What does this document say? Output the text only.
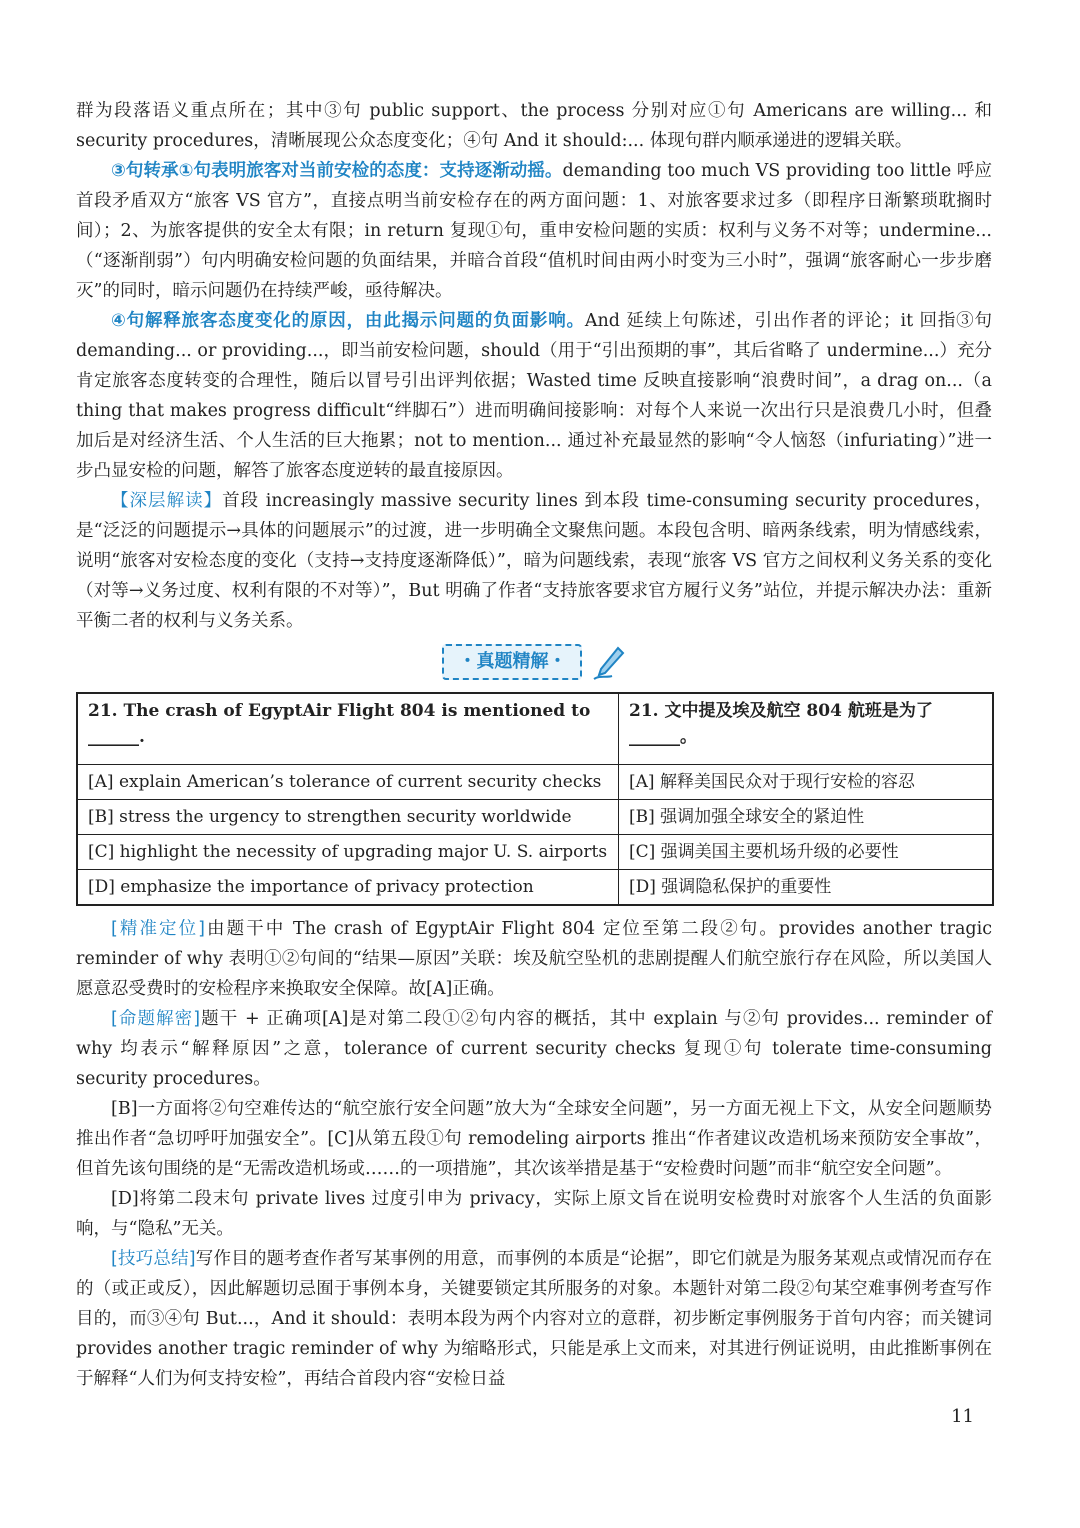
群为段落语义重点所在；其中③句 public support、the process 分别对应①句 Americans are willing... 和 security procedures，清晰展现公众态度变化；④句 And it should:... 体现句群内顺承递进的逻辑关联。

③句转承①句表明旅客对当前安检的态度：支持逐渐动摇。demanding too much VS providing too little 呼应首段矛盾双方“旅客 VS 官方”，直接点明当前安检存在的两方面问题：1、对旅客要求过多（即程序日渐繁琐耽搁时间）；2、为旅客提供的安全太有限；in return 复现①句，重申安检问题的实质：权利与义务不对等；undermine...（“逐渐削弱”）句内明确安检问题的负面结果，并暗合首段“值机时间由两小时变为三小时”，强调“旅客耐心一步步磨灭”的同时，暗示问题仍在持续严峻，亟待解决。

④句解释旅客态度变化的原因，由此揭示问题的负面影响。And 延续上句陈述，引出作者的评论；it 回指③句 demanding... or providing...，即当前安检问题，should（用于“引出预期的事”，其后省略了 undermine...）充分肯定旅客态度转变的合理性，随后以冒号引出评判依据；Wasted time 反映直接影响“浪费时间”，a drag on...（a thing that makes progress difficult“绊脚石”）进而明确间接影响：对每个人来说一次出行只是浪费几小时，但叠加后是对经济生活、个人生活的巨大拖累；not to mention... 通过补充最显然的影响“令人恼怒（infuriating）”进一步凸显安检的问题，解答了旅客态度逆转的最直接原因。

【深层解读】首段 increasingly massive security lines 到本段 time-consuming security procedures，是“泛泛的问题提示→具体的问题展示”的过渡，进一步明确全文聚焦问题。本段包含明、暗两条线索，明为情感线索，说明“旅客对安检态度的变化（支持→支持度逐渐降低）”，暗为问题线索，表现“旅客 VS 官方之间权利义务关系的变化（对等→义务过度、权利有限的不对等）”，But 明确了作者“支持旅客要求官方履行义务”站位，并提示解决办法：重新平衡二者的权利与义务关系。

・真题精解・
21. The crash of EgyptAir Flight 804 is mentioned to ______.	21. 文中提及埃及航空 804 航班是为了______。
[A] explain American’s tolerance of current security checks	[A] 解释美国民众对于现行安检的容忍
[B] stress the urgency to strengthen security worldwide	[B] 强调加强全球安全的紧迫性
[C] highlight the necessity of upgrading major U. S. airports	[C] 强调美国主要机场升级的必要性
[D] emphasize the importance of privacy protection	[D] 强调隐私保护的重要性

[精准定位]由题干中 The crash of EgyptAir Flight 804 定位至第二段②句。provides another tragic reminder of why 表明①②句间的“结果—原因”关联：埃及航空坠机的悲剧提醒人们航空旅行存在风险，所以美国人愿意忍受费时的安检程序来换取安全保障。故[A]正确。

[命题解密]题干 + 正确项[A]是对第二段①②句内容的概括，其中 explain 与②句 provides... reminder of why 均表示“解释原因”之意，tolerance of current security checks 复现①句 tolerate time-consuming security procedures。

[B]一方面将②句空难传达的“航空旅行安全问题”放大为“全球安全问题”，另一方面无视上下文，从安全问题顺势推出作者“急切呼吁加强安全”。[C]从第五段①句 remodeling airports 推出“作者建议改造机场来预防安全事故”，但首先该句围绕的是“无需改造机场或……的一项措施”，其次该举措是基于“安检费时问题”而非“航空安全问题”。

[D]将第二段末句 private lives 过度引申为 privacy，实际上原文旨在说明安检费时对旅客个人生活的负面影响，与“隐私”无关。

[技巧总结]写作目的题考查作者写某事例的用意，而事例的本质是“论据”，即它们就是为服务某观点或情况而存在的（或正或反），因此解题切忌囿于事例本身，关键要锁定其所服务的对象。本题针对第二段②句某空难事例考查写作目的，而③④句 But...，And it should：表明本段为两个内容对立的意群，初步断定事例服务于首句内容；而关键词 provides another tragic reminder of why 为缩略形式，只能是承上文而来，对其进行例证说明，由此推断事例在于解释“人们为何支持安检”，再结合首段内容“安检日益

11
